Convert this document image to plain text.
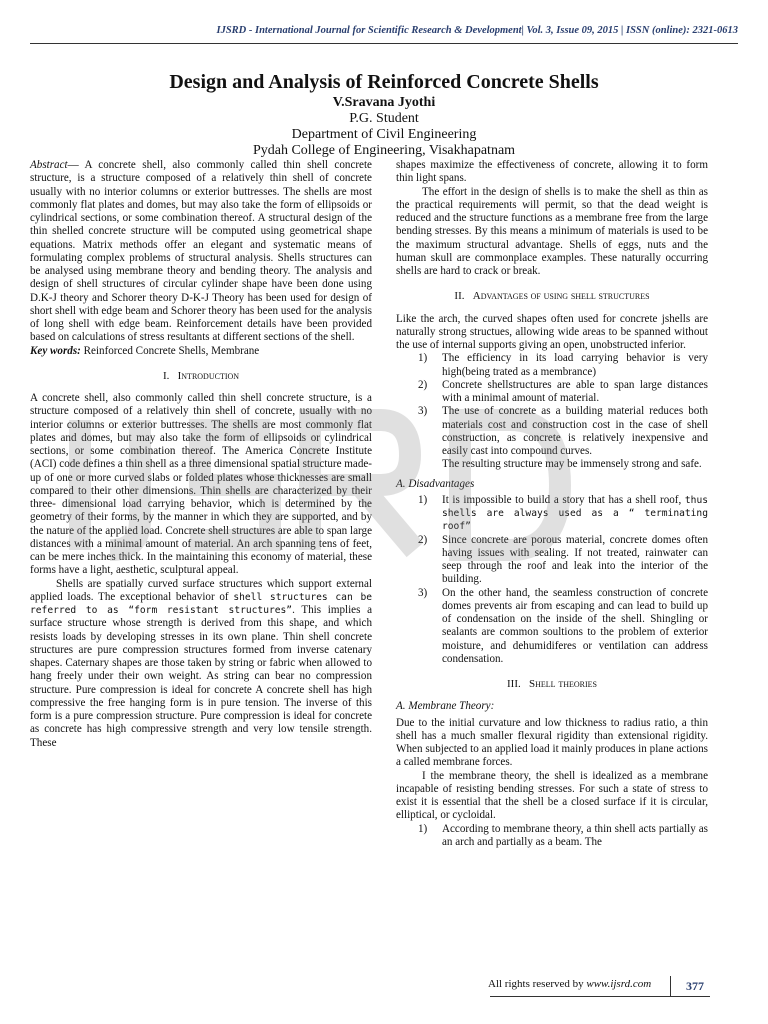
IJSRD - International Journal for Scientific Research & Development| Vol. 3, Issue 09, 2015 | ISSN (online): 2321-0613
Design and Analysis of Reinforced Concrete Shells
V.Sravana Jyothi
P.G. Student
Department of Civil Engineering
Pydah College of Engineering, Visakhapatnam

Abstract— A concrete shell, also commonly called thin shell concrete structure, is a structure composed of a relatively thin shell of concrete usually with no interior columns or exterior buttresses. The shells are most commonly flat plates and domes, but may also take the form of ellipsoids or cylindrical sections, or some combination thereof. A structural design of the thin shelled concrete structure will be computed using geometrical shape equations. Matrix methods offer an elegant and systematic means of formulating complex problems of structural analysis. Shells structures can be analysed using membrane theory and bending theory. The analysis and design of shell structures of circular cylinder shape have been done using D.K-J theory and Schorer theory D-K-J Theory has been used for design of short shell with edge beam and Schorer theory has been used for the analysis of long shell with edge beam. Reinforcement details have been provided based on calculations of stress resultants at different sections of the shell.

Key words: Reinforced Concrete Shells, Membrane

I. Introduction

A concrete shell, also commonly called thin shell concrete structure, is a structure composed of a relatively thin shell of concrete, usually with no interior columns or exterior buttresses. The shells are most commonly flat plates and domes, but may also take the form of ellipsoids or cylindrical sections, or some combination thereof. The America Concrete Institute (ACI) code defines a thin shell as a three dimensional spatial structure made-up of one or more curved slabs or folded plates whose thicknesses are small compared to their other dimensions. Thin shells are characterized by their three- dimensional load carrying behavior, which is determined by the geometry of their forms, by the manner in which they are supported, and by the nature of the applied load. Concrete shell structures are able to span large distances with a minimal amount of material. An arch spanning tens of feet, can be mere inches thick. In the maintaining this economy of material, these forms have a light, aesthetic, sculptural appeal.

Shells are spatially curved surface structures which support external applied loads. The exceptional behavior of shell structures can be referred to as “form resistant structures”. This implies a surface structure whose strength is derived from this shape, and which resists loads by developing stresses in its own plane. Thin shell concrete structures are pure compression structures formed from inverse catenary shapes. Caternary shapes are those taken by string or fabric when allowed to hang freely under their own weight. As string can bear no compression structure. Pure compression is ideal for concrete A concrete shell has high compressive the free hanging form is in pure tension. The inverse of this form is a pure compression structure. Pure compression is ideal for concrete as concrete has high compressive strength and very low tensile strength. These

shapes maximize the effectiveness of concrete, allowing it to form thin light spans.

The effort in the design of shells is to make the shell as thin as the practical requirements will permit, so that the dead weight is reduced and the structure functions as a membrane free from the large bending stresses. By this means a minimum of materials is used to be the maximum structural advantage. Shells of eggs, nuts and the human skull are commonplace examples. These naturally occurring shells are hard to crack or break.

II. Advantages of using shell structures

Like the arch, the curved shapes often used for concrete jshells are naturally strong structues, allowing wide areas to be spanned without the use of internal supports giving an open, unobstructed inferior.

1) The efficiency in its load carrying behavior is very high(being trated as a membrance)
2) Concrete shellstructures are able to span large distances with a minimal amount of material.
3) The use of concrete as a building material reduces both materials cost and construction cost in the case of shell construction, as concrete is relatively inexpensive and easily cast into compound curves.

The resulting structure may be immensely strong and safe.

A. Disadvantages

1) It is impossible to build a story that has a shell roof, thus shells are always used as a “ terminating roof”
2) Since concrete are porous material, concrete domes often having issues with sealing. If not treated, rainwater can seep through the roof and leak into the interior of the building.
3) On the other hand, the seamless construction of concrete domes prevents air from escaping and can lead to build up of condensation on the inside of the shell. Shingling or sealants are common soultions to the problem of exterior moisture, and dehumidiferes or ventilation can address condensation.

III. Shell theories

A. Membrane Theory:

Due to the initial curvature and low thickness to radius ratio, a thin shell has a much smaller flexural rigidity than extensional rigidity. When subjected to an applied load it mainly produces in plane actions a called membrane forces.

I the membrane theory, the shell is idealized as a membrane incapable of resisting bending stresses. For such a state of stress to exist it is essential that the shell be a closed surface if it is circular, elliptical, or cycloidal.

1) According to membrane theory, a thin shell acts partially as an arch and partially as a beam. The
All rights reserved by www.ijsrd.com	377
